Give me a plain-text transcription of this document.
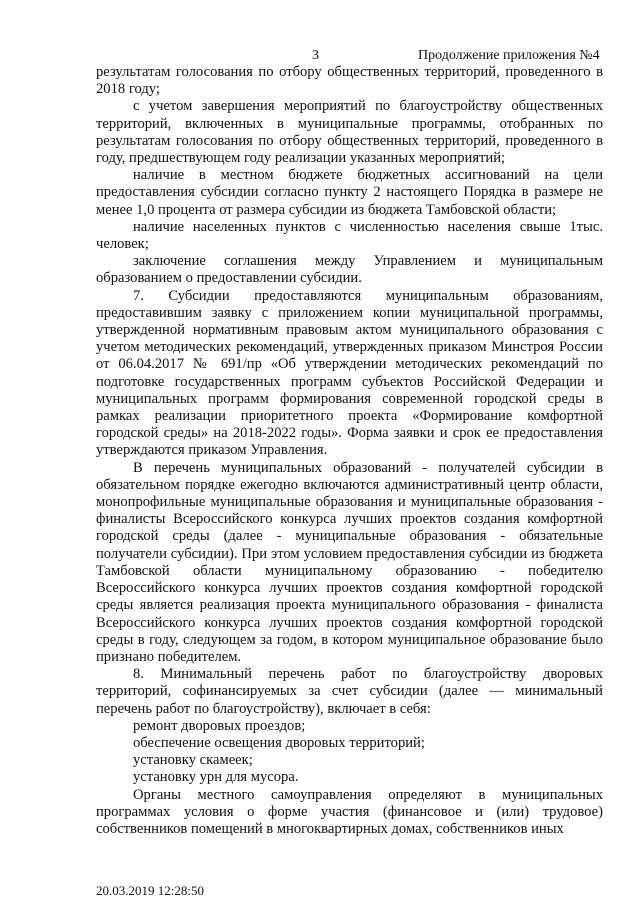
3	Продолжение приложения №4

результатам голосования по отбору общественных территорий, проведенного в 2018 году;

с учетом завершения мероприятий по благоустройству общественных территорий, включенных в муниципальные программы, отобранных по результатам голосования по отбору общественных территорий, проведенного в году, предшествующем году реализации указанных мероприятий;

наличие в местном бюджете бюджетных ассигнований на цели предоставления субсидии согласно пункту 2 настоящего Порядка в размере не менее 1,0 процента от размера субсидии из бюджета Тамбовской области;

наличие населенных пунктов с численностью населения свыше 1тыс. человек;

заключение соглашения между Управлением и муниципальным образованием о предоставлении субсидии.

7. Субсидии предоставляются муниципальным образованиям, предоставившим заявку с приложением копии муниципальной программы, утвержденной нормативным правовым актом муниципального образования с учетом методических рекомендаций, утвержденных приказом Минстроя России от 06.04.2017 № 691/пр «Об утверждении методических рекомендаций по подготовке государственных программ субъектов Российской Федерации и муниципальных программ формирования современной городской среды в рамках реализации приоритетного проекта «Формирование комфортной городской среды» на 2018-2022 годы». Форма заявки и срок ее предоставления утверждаются приказом Управления.

В перечень муниципальных образований - получателей субсидии в обязательном порядке ежегодно включаются административный центр области, монопрофильные муниципальные образования и муниципальные образования - финалисты Всероссийского конкурса лучших проектов создания комфортной городской среды (далее - муниципальные образования - обязательные получатели субсидии). При этом условием предоставления субсидии из бюджета Тамбовской области муниципальному образованию - победителю Всероссийского конкурса лучших проектов создания комфортной городской среды является реализация проекта муниципального образования - финалиста Всероссийского конкурса лучших проектов создания комфортной городской среды в году, следующем за годом, в котором муниципальное образование было признано победителем.

8. Минимальный перечень работ по благоустройству дворовых территорий, софинансируемых за счет субсидии (далее — минимальный перечень работ по благоустройству), включает в себя:

ремонт дворовых проездов;

обеспечение освещения дворовых территорий;

установку скамеек;

установку урн для мусора.

Органы местного самоуправления определяют в муниципальных программах условия о форме участия (финансовое и (или) трудовое) собственников помещений в многоквартирных домах, собственников иных

20.03.2019 12:28:50
